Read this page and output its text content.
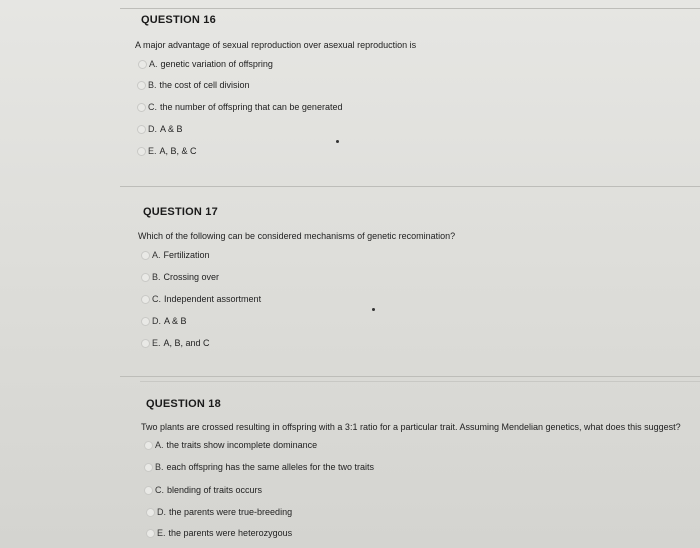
QUESTION 16
A major advantage of sexual reproduction over asexual reproduction is
A. genetic variation of offspring
B. the cost of cell division
C. the number of offspring that can be generated
D. A & B
E. A, B, & C
QUESTION 17
Which of the following can be considered mechanisms of genetic recomination?
A. Fertilization
B. Crossing over
C. Independent assortment
D. A & B
E. A, B, and C
QUESTION 18
Two plants are crossed resulting in offspring with a 3:1 ratio for a particular trait. Assuming Mendelian genetics, what does this suggest?
A. the traits show incomplete dominance
B. each offspring has the same alleles for the two traits
C. blending of traits occurs
D. the parents were true-breeding
E. the parents were heterozygous
